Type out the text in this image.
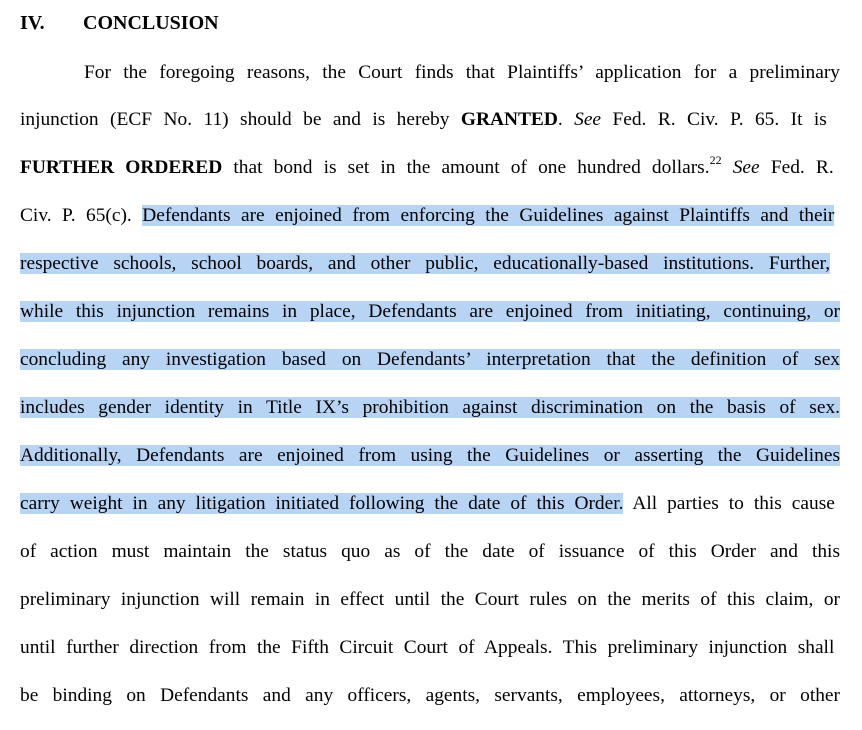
IV. CONCLUSION
For the foregoing reasons, the Court finds that Plaintiffs’ application for a preliminary
injunction (ECF No. 11) should be and is hereby GRANTED. See Fed. R. Civ. P. 65. It is
FURTHER ORDERED that bond is set in the amount of one hundred dollars.$^{22}$ See Fed. R.
Civ. P. 65(c). Defendants are enjoined from enforcing the Guidelines against Plaintiffs and their
respective schools, school boards, and other public, educationally-based institutions. Further,
while this injunction remains in place, Defendants are enjoined from initiating, continuing, or
concluding any investigation based on Defendants’ interpretation that the definition of sex
includes gender identity in Title IX’s prohibition against discrimination on the basis of sex.
Additionally, Defendants are enjoined from using the Guidelines or asserting the Guidelines
carry weight in any litigation initiated following the date of this Order. All parties to this cause
of action must maintain the status quo as of the date of issuance of this Order and this
preliminary injunction will remain in effect until the Court rules on the merits of this claim, or
until further direction from the Fifth Circuit Court of Appeals. This preliminary injunction shall
be binding on Defendants and any officers, agents, servants, employees, attorneys, or other
